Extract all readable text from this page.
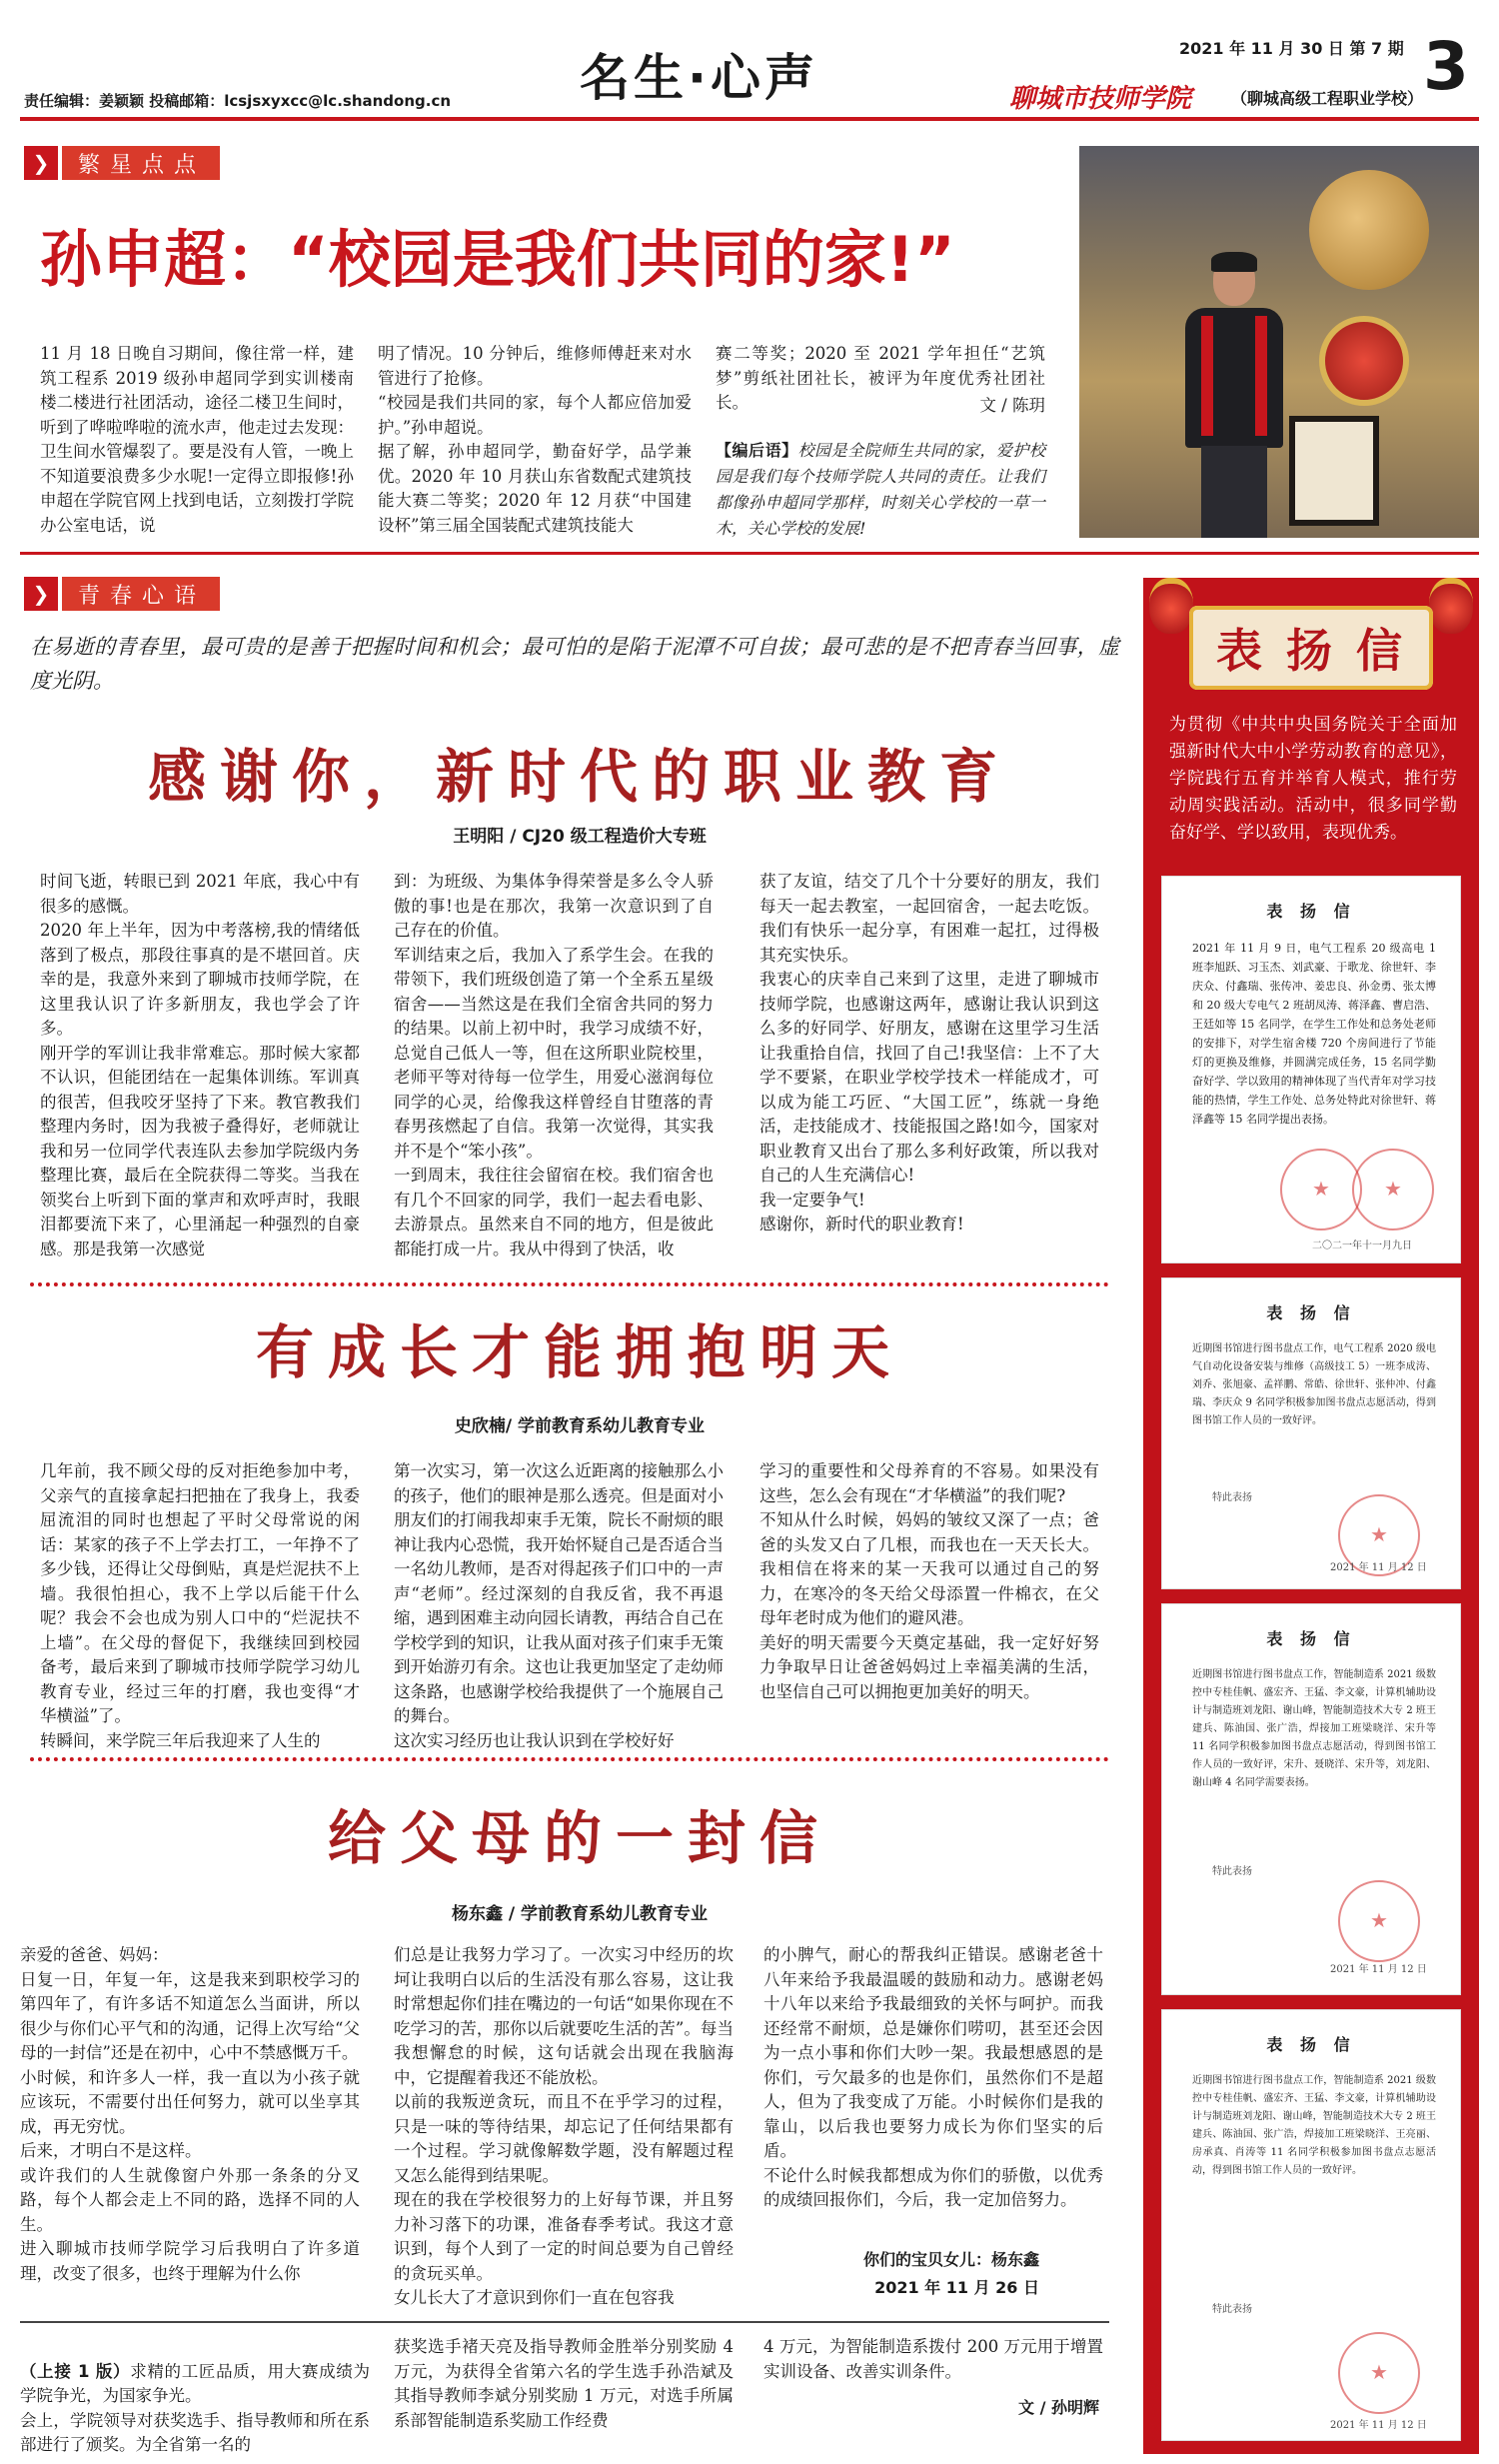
责任编辑：姜颖颖 投稿邮箱：lcsjsxyxcc@lc.shandong.cn	名生·心声
2021 年 11 月 30 日 第 7 期
聊城市技师学院 （聊城高级工程职业学校） 3
❯	繁星点点
孙申超：“校园是我们共同的家!”
11 月 18 日晚自习期间，像往常一样，建筑工程系 2019 级孙申超同学到实训楼南楼二楼进行社团活动，途径二楼卫生间时，听到了哗啦哗啦的流水声，他走过去发现：卫生间水管爆裂了。要是没有人管，一晚上不知道要浪费多少水呢!一定得立即报修!孙申超在学院官网上找到电话，立刻拨打学院办公室电话，说
明了情况。10 分钟后，维修师傅赶来对水管进行了抢修。
“校园是我们共同的家，每个人都应倍加爱护。”孙申超说。
据了解，孙申超同学，勤奋好学，品学兼优。2020 年 10 月获山东省数配式建筑技能大赛二等奖；2020 年 12 月获“中国建设杯”第三届全国装配式建筑技能大
赛二等奖；2020 至 2021 学年担任“艺筑梦”剪纸社团社长，被评为年度优秀社团社长。	文 / 陈玥
【编后语】校园是全院师生共同的家，爱护校园是我们每个技师学院人共同的责任。让我们都像孙申超同学那样，时刻关心学校的一草一木，关心学校的发展!
❯	青春心语
在易逝的青春里，最可贵的是善于把握时间和机会；最可怕的是陷于泥潭不可自拔；最可悲的是不把青春当回事，虚度光阴。
感谢你，新时代的职业教育
王明阳 / CJ20 级工程造价大专班
时间飞逝，转眼已到 2021 年底，我心中有很多的感慨。
2020 年上半年，因为中考落榜,我的情绪低落到了极点，那段往事真的是不堪回首。庆幸的是，我意外来到了聊城市技师学院，在这里我认识了许多新朋友，我也学会了许多。
刚开学的军训让我非常难忘。那时候大家都不认识，但能团结在一起集体训练。军训真的很苦，但我咬牙坚持了下来。教官教我们整理内务时，因为我被子叠得好，老师就让我和另一位同学代表连队去参加学院级内务整理比赛，最后在全院获得二等奖。当我在领奖台上听到下面的掌声和欢呼声时，我眼泪都要流下来了，心里涌起一种强烈的自豪感。那是我第一次感觉
到：为班级、为集体争得荣誉是多么令人骄傲的事!也是在那次，我第一次意识到了自己存在的价值。
军训结束之后，我加入了系学生会。在我的带领下，我们班级创造了第一个全系五星级宿舍——当然这是在我们全宿舍共同的努力的结果。以前上初中时，我学习成绩不好，总觉自己低人一等，但在这所职业院校里，老师平等对待每一位学生，用爱心滋润每位同学的心灵，给像我这样曾经自甘堕落的青春男孩燃起了自信。我第一次觉得，其实我并不是个“笨小孩”。
一到周末，我往往会留宿在校。我们宿舍也有几个不回家的同学，我们一起去看电影、去游景点。虽然来自不同的地方，但是彼此都能打成一片。我从中得到了快活，收
获了友谊，结交了几个十分要好的朋友，我们每天一起去教室，一起回宿舍，一起去吃饭。我们有快乐一起分享，有困难一起扛，过得极其充实快乐。
我衷心的庆幸自己来到了这里，走进了聊城市技师学院，也感谢这两年，感谢让我认识到这么多的好同学、好朋友，感谢在这里学习生活让我重拾自信，找回了自己!我坚信：上不了大学不要紧，在职业学校学技术一样能成才，可以成为能工巧匠、“大国工匠”，练就一身绝活，走技能成才、技能报国之路!如今，国家对职业教育又出台了那么多利好政策，所以我对自己的人生充满信心!
我一定要争气!
感谢你，新时代的职业教育!
有成长才能拥抱明天
史欣楠/ 学前教育系幼儿教育专业
几年前，我不顾父母的反对拒绝参加中考，父亲气的直接拿起扫把抽在了我身上，我委屈流泪的同时也想起了平时父母常说的闲话：某家的孩子不上学去打工，一年挣不了多少钱，还得让父母倒贴，真是烂泥扶不上墙。我很怕担心，我不上学以后能干什么呢？我会不会也成为别人口中的“烂泥扶不上墙”。在父母的督促下，我继续回到校园备考，最后来到了聊城市技师学院学习幼儿教育专业，经过三年的打磨，我也变得“才华横溢”了。
转瞬间，来学院三年后我迎来了人生的
第一次实习，第一次这么近距离的接触那么小的孩子，他们的眼神是那么透亮。但是面对小朋友们的打闹我却束手无策，院长不耐烦的眼神让我内心恐慌，我开始怀疑自己是否适合当一名幼儿教师，是否对得起孩子们口中的一声声“老师”。经过深刻的自我反省，我不再退缩，遇到困难主动向园长请教，再结合自己在学校学到的知识，让我从面对孩子们束手无策到开始游刃有余。这也让我更加坚定了走幼师这条路，也感谢学校给我提供了一个施展自己的舞台。
这次实习经历也让我认识到在学校好好
学习的重要性和父母养育的不容易。如果没有这些，怎么会有现在“才华横溢”的我们呢?
不知从什么时候，妈妈的皱纹又深了一点；爸爸的头发又白了几根，而我也在一天天长大。我相信在将来的某一天我可以通过自己的努力，在寒冷的冬天给父母添置一件棉衣，在父母年老时成为他们的避风港。
美好的明天需要今天奠定基础，我一定好好努力争取早日让爸爸妈妈过上幸福美满的生活，也坚信自己可以拥抱更加美好的明天。
给父母的一封信
杨东鑫 / 学前教育系幼儿教育专业
亲爱的爸爸、妈妈：
日复一日，年复一年，这是我来到职校学习的第四年了，有许多话不知道怎么当面讲，所以很少与你们心平气和的沟通，记得上次写给“父母的一封信”还是在初中，心中不禁感慨万千。
小时候，和许多人一样，我一直以为小孩子就应该玩，不需要付出任何努力，就可以坐享其成，再无穷忧。
后来，才明白不是这样。
或许我们的人生就像窗户外那一条条的分叉路，每个人都会走上不同的路，选择不同的人生。
进入聊城市技师学院学习后我明白了许多道理，改变了很多，也终于理解为什么你
们总是让我努力学习了。一次实习中经历的坎坷让我明白以后的生活没有那么容易，这让我时常想起你们挂在嘴边的一句话“如果你现在不吃学习的苦，那你以后就要吃生活的苦”。每当我想懈怠的时候，这句话就会出现在我脑海中，它提醒着我还不能放松。
以前的我叛逆贪玩，而且不在乎学习的过程，只是一味的等待结果，却忘记了任何结果都有一个过程。学习就像解数学题，没有解题过程又怎么能得到结果呢。
现在的我在学校很努力的上好每节课，并且努力补习落下的功课，准备春季考试。我这才意识到，每个人到了一定的时间总要为自己曾经的贪玩买单。
女儿长大了才意识到你们一直在包容我
的小脾气，耐心的帮我纠正错误。感谢老爸十八年来给予我最温暖的鼓励和动力。感谢老妈十八年以来给予我最细致的关怀与呵护。而我还经常不耐烦，总是嫌你们唠叨，甚至还会因为一点小事和你们大吵一架。我最想感恩的是你们，亏欠最多的也是你们，虽然你们不是超人，但为了我变成了万能。小时候你们是我的靠山，以后我也要努力成长为你们坚实的后盾。
不论什么时候我都想成为你们的骄傲，以优秀的成绩回报你们，今后，我一定加倍努力。
你们的宝贝女儿：杨东鑫
2021 年 11 月 26 日

（上接 1 版）求精的工匠品质，用大赛成绩为学院争光，为国家争光。
会上，学院领导对获奖选手、指导教师和所在系部进行了颁奖。为全省第一名的

获奖选手褚天亮及指导教师金胜举分别奖励 4 万元，为获得全省第六名的学生选手孙浩斌及其指导教师李斌分别奖励 1 万元，对选手所属系部智能制造系奖励工作经费
4 万元，为智能制造系拨付 200 万元用于增置实训设备、改善实训条件。
文 / 孙明辉
表 扬 信
为贯彻《中共中央国务院关于全面加强新时代大中小学劳动教育的意见》，学院践行五育并举育人模式，推行劳动周实践活动。活动中，很多同学勤奋好学、学以致用，表现优秀。
表 扬 信
2021 年 11 月 9 日，电气工程系 20 级高电 1 班李旭跃、习玉杰、刘武豪、于歌龙、徐世轩、李庆众、付鑫瑞、张传冲、姜忠良、孙金勇、张太博和 20 级大专电气 2 班胡凤涛、蒋泽鑫、曹启浩、王廷如等 15 名同学，在学生工作处和总务处老师的安排下，对学生宿舍楼 720 个房间进行了节能灯的更换及维修，并圆满完成任务，15 名同学勤奋好学、学以致用的精神体现了当代青年对学习技能的热情，学生工作处、总务处特此对徐世轩、蒋泽鑫等 15 名同学提出表扬。
★
★
二〇二一年十一月九日
表 扬 信
近期图书馆进行图书盘点工作，电气工程系 2020 级电气自动化设备安装与维修（高级技工 5）一班李成涛、刘乔、张旭豪、孟祥鹏、常皓、徐世轩、张仲冲、付鑫瑞、李庆众 9 名同学积极参加图书盘点志愿活动，得到图书馆工作人员的一致好评。
特此表扬
★
2021 年 11 月 12 日
表 扬 信
近期图书馆进行图书盘点工作，智能制造系 2021 级数控中专桂佳帆、盛宏齐、王猛、李文豪，计算机辅助设计与制造班刘龙阳、谢山峰，智能制造技术大专 2 班王建兵、陈油国、张广浩，焊接加工班梁晓洋、宋升等 11 名同学积极参加图书盘点志愿活动，得到图书馆工作人员的一致好评，宋升、聂晓洋、宋升等，刘龙阳、谢山峰 4 名同学需要表扬。
特此表扬
★
2021 年 11 月 12 日
表 扬 信
近期图书馆进行图书盘点工作，智能制造系 2021 级数控中专桂佳帆、盛宏齐、王猛、李文豪，计算机辅助设计与制造班刘龙阳、谢山峰，智能制造技术大专 2 班王建兵、陈油国、张广浩，焊接加工班梁晓洋、王亮丽、房承真、肖涛等 11 名同学积极参加图书盘点志愿活动，得到图书馆工作人员的一致好评。
特此表扬
★
2021 年 11 月 12 日
